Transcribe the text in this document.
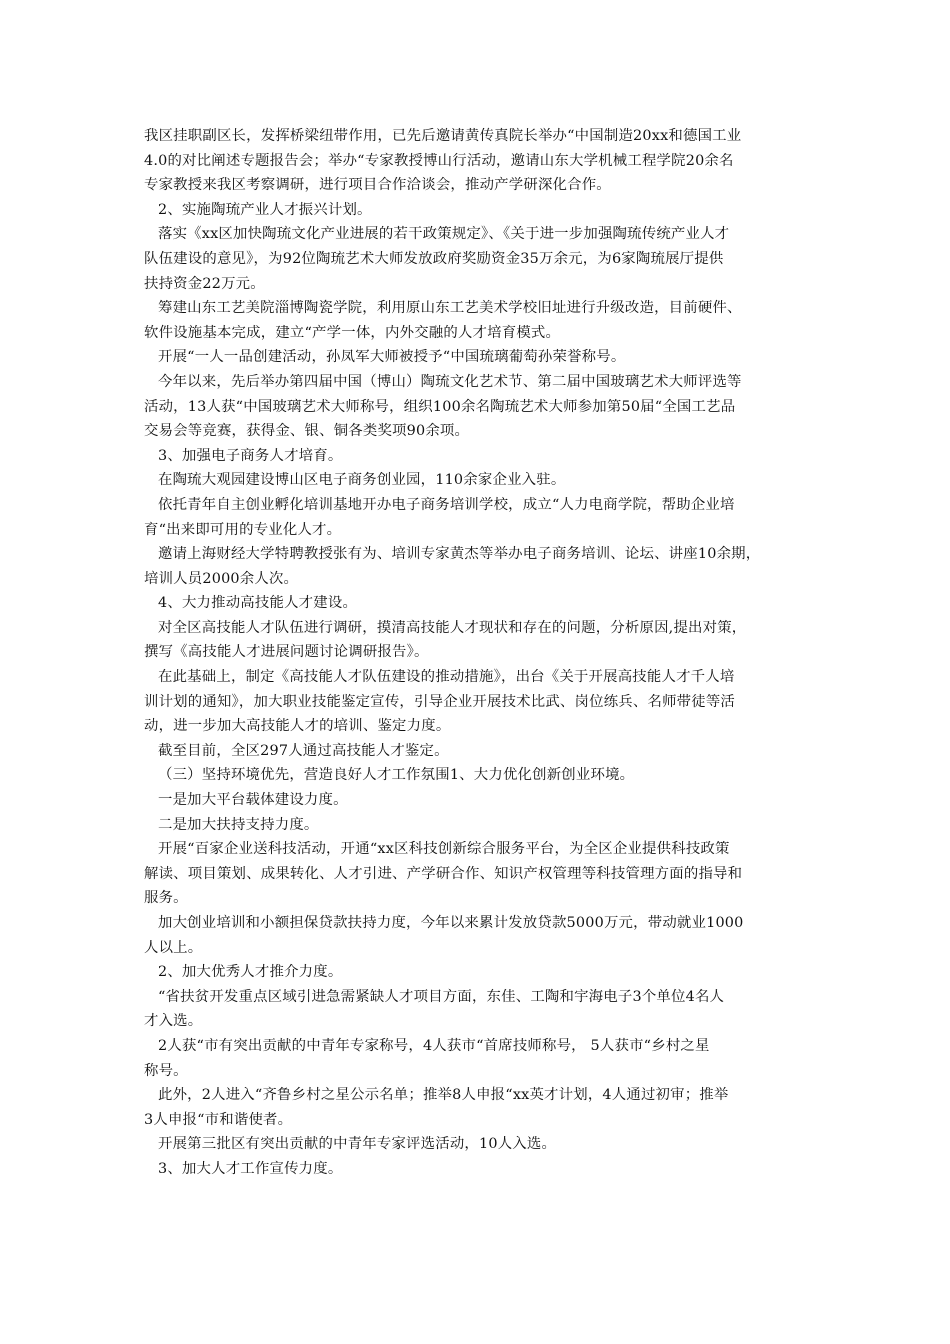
我区挂职副区长，发挥桥梁纽带作用，已先后邀请黄传真院长举办“中国制造20xx和德国工业
4.0的对比阐述专题报告会；举办“专家教授博山行活动，邀请山东大学机械工程学院20余名
专家教授来我区考察调研，进行项目合作洽谈会，推动产学研深化合作。
2、实施陶琉产业人才振兴计划。
落实《xx区加快陶琉文化产业进展的若干政策规定》、《关于进一步加强陶琉传统产业人才
队伍建设的意见》，为92位陶琉艺术大师发放政府奖励资金35万余元，为6家陶琉展厅提供
扶持资金22万元。
筹建山东工艺美院淄博陶瓷学院，利用原山东工艺美术学校旧址进行升级改造，目前硬件、
软件设施基本完成，建立“产学一体，内外交融的人才培育模式。
开展“一人一品创建活动，孙凤军大师被授予“中国琉璃葡萄孙荣誉称号。
今年以来，先后举办第四届中国（博山）陶琉文化艺术节、第二届中国玻璃艺术大师评选等
活动，13人获“中国玻璃艺术大师称号，组织100余名陶琉艺术大师参加第50届“全国工艺品
交易会等竞赛，获得金、银、铜各类奖项90余项。
3、加强电子商务人才培育。
在陶琉大观园建设博山区电子商务创业园，110余家企业入驻。
依托青年自主创业孵化培训基地开办电子商务培训学校，成立“人力电商学院，帮助企业培
育“出来即可用的专业化人才。
邀请上海财经大学特聘教授张有为、培训专家黄杰等举办电子商务培训、论坛、讲座10余期，
培训人员2000余人次。
4、大力推动高技能人才建设。
对全区高技能人才队伍进行调研，摸清高技能人才现状和存在的问题，分析原因,提出对策，
撰写《高技能人才进展问题讨论调研报告》。
在此基础上，制定《高技能人才队伍建设的推动措施》，出台《关于开展高技能人才千人培
训计划的通知》，加大职业技能鉴定宣传，引导企业开展技术比武、岗位练兵、名师带徒等活
动，进一步加大高技能人才的培训、鉴定力度。
截至目前，全区297人通过高技能人才鉴定。
（三）坚持环境优先，营造良好人才工作氛围1、大力优化创新创业环境。
一是加大平台载体建设力度。
二是加大扶持支持力度。
开展“百家企业送科技活动，开通“xx区科技创新综合服务平台，为全区企业提供科技政策
解读、项目策划、成果转化、人才引进、产学研合作、知识产权管理等科技管理方面的指导和
服务。
加大创业培训和小额担保贷款扶持力度，今年以来累计发放贷款5000万元，带动就业1000
人以上。
2、加大优秀人才推介力度。
“省扶贫开发重点区域引进急需紧缺人才项目方面，东佳、工陶和宇海电子3个单位4名人
才入选。
2人获“市有突出贡献的中青年专家称号，4人获市“首席技师称号， 5人获市“乡村之星
称号。
此外，2人进入“齐鲁乡村之星公示名单；推举8人申报“xx英才计划，4人通过初审；推举
3人申报“市和谐使者。
开展第三批区有突出贡献的中青年专家评选活动，10人入选。
3、加大人才工作宣传力度。
